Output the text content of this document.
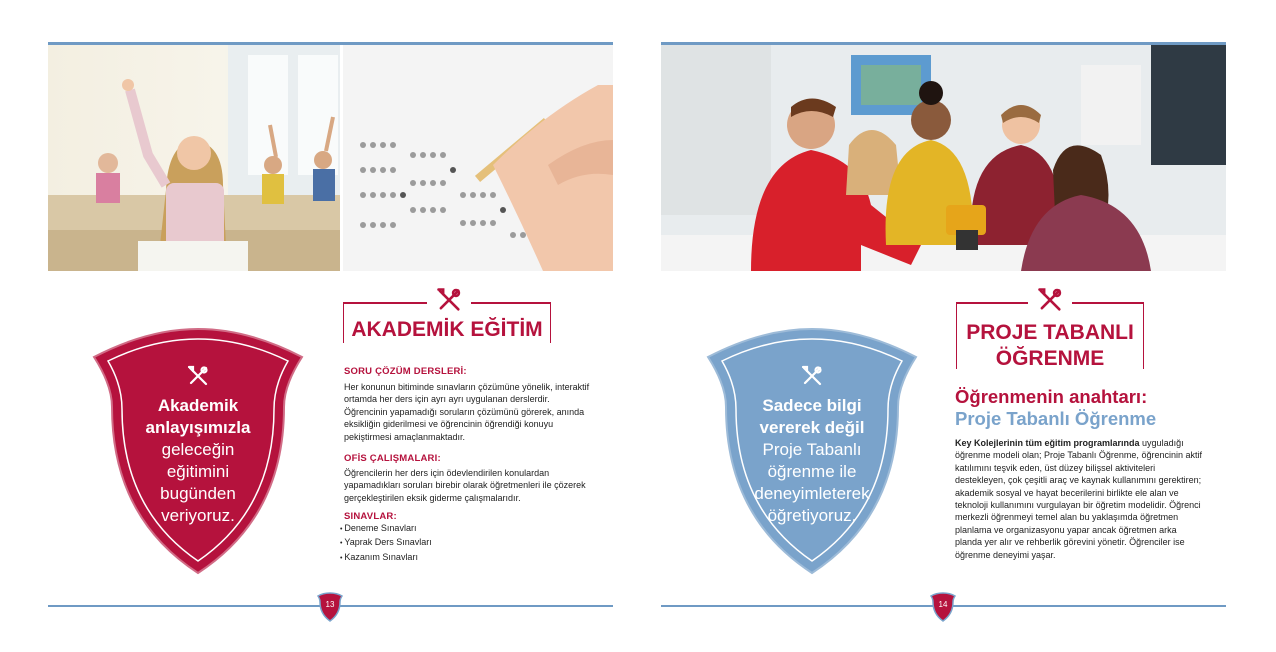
Akademik anlayışımızla
geleceğin eğitimini bugünden veriyoruz.
AKADEMİK EĞİTİM
SORU ÇÖZÜM DERSLERİ:
Her konunun bitiminde sınavların çözümüne yönelik, interaktif ortamda her ders için ayrı ayrı uygulanan derslerdir. Öğrencinin yapamadığı soruların çözümünü görerek, anında eksikliğin giderilmesi ve öğrencinin öğrendiği konuyu pekiştirmesi amaçlanmaktadır.
OFİS ÇALIŞMALARI:
Öğrencilerin her ders için ödevlendirilen konulardan yapamadıkları soruları birebir olarak öğretmenleri ile çözerek gerçekleştirilen eksik giderme çalışmalarıdır.
SINAVLAR:
• Deneme Sınavları
• Yaprak Ders Sınavları
• Kazanım Sınavları
13
Sadece bilgi vererek değil
Proje Tabanlı öğrenme ile deneyimleterek öğretiyoruz.
PROJE TABANLI
ÖĞRENME
Öğrenmenin anahtarı:
Proje Tabanlı Öğrenme
Key Kolejlerinin tüm eğitim programlarında uyguladığı öğrenme modeli olan; Proje Tabanlı Öğrenme, öğrencinin aktif katılımını teşvik eden, üst düzey bilişsel aktiviteleri destekleyen, çok çeşitli araç ve kaynak kullanımını gerektiren; akademik sosyal ve hayat becerilerini birlikte ele alan ve teknoloji kullanımını vurgulayan bir öğretim modelidir. Öğrenci merkezli öğrenmeyi temel alan bu yaklaşımda öğretmen planlama ve organizasyonu yapar ancak öğretmen arka planda yer alır ve rehberlik görevini yönetir. Öğrenciler ise öğrenme deneyimi yaşar.
14
